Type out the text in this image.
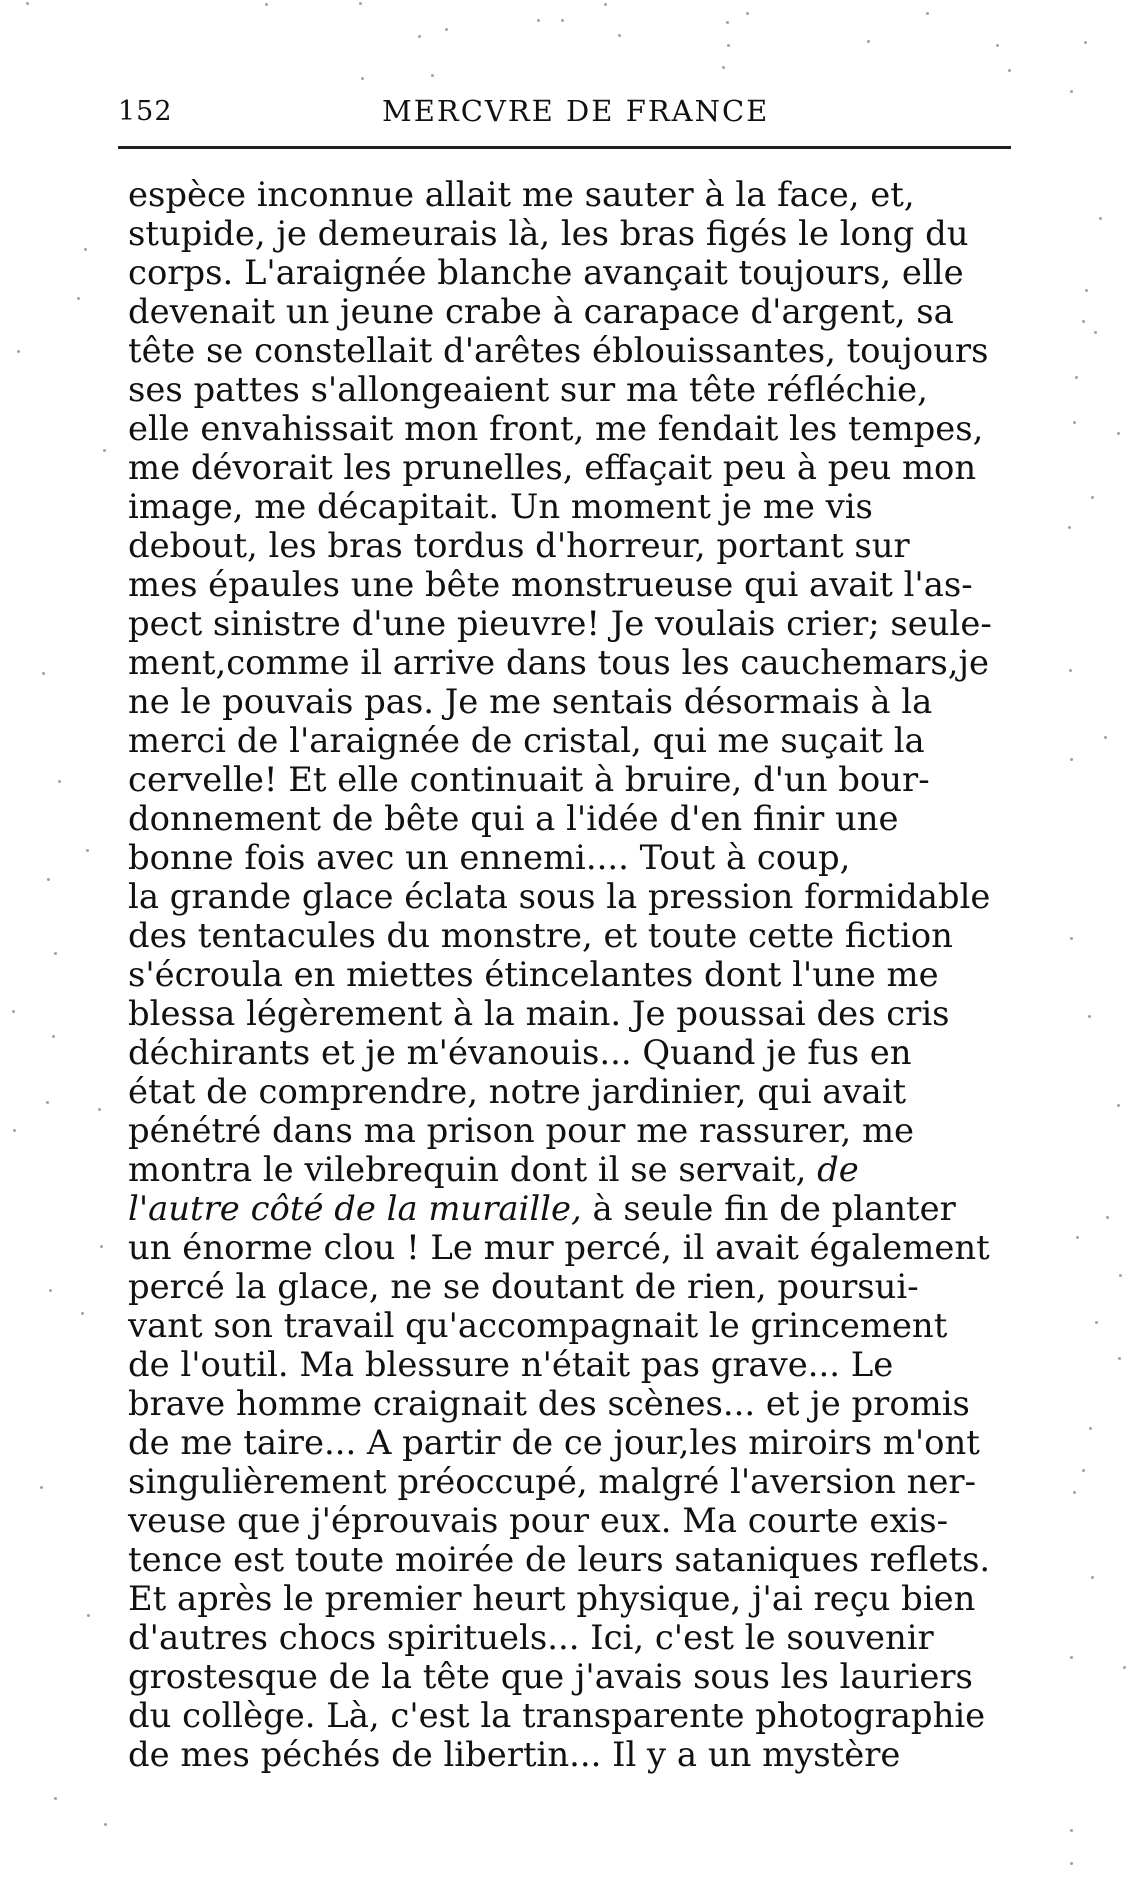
152	MERCVRE DE FRANCE
espèce inconnue allait me sauter à la face, et,
stupide, je demeurais là, les bras figés le long du
corps. L'araignée blanche avançait toujours, elle
devenait un jeune crabe à carapace d'argent, sa
tête se constellait d'arêtes éblouissantes, toujours
ses pattes s'allongeaient sur ma tête réfléchie,
elle envahissait mon front, me fendait les tempes,
me dévorait les prunelles, effaçait peu à peu mon
image, me décapitait. Un moment je me vis
debout, les bras tordus d'horreur, portant sur
mes épaules une bête monstrueuse qui avait l'as-
pect sinistre d'une pieuvre! Je voulais crier; seule-
ment,comme il arrive dans tous les cauchemars,je
ne le pouvais pas. Je me sentais désormais à la
merci de l'araignée de cristal, qui me suçait la
cervelle! Et elle continuait à bruire, d'un bour-
donnement de bête qui a l'idée d'en finir une
bonne fois avec un ennemi.... Tout à coup,
la grande glace éclata sous la pression formidable
des tentacules du monstre, et toute cette fiction
s'écroula en miettes étincelantes dont l'une me
blessa légèrement à la main. Je poussai des cris
déchirants et je m'évanouis... Quand je fus en
état de comprendre, notre jardinier, qui avait
pénétré dans ma prison pour me rassurer, me
montra le vilebrequin dont il se servait, de
l'autre côté de la muraille, à seule fin de planter
un énorme clou ! Le mur percé, il avait également
percé la glace, ne se doutant de rien, poursui-
vant son travail qu'accompagnait le grincement
de l'outil. Ma blessure n'était pas grave... Le
brave homme craignait des scènes... et je promis
de me taire... A partir de ce jour,les miroirs m'ont
singulièrement préoccupé, malgré l'aversion ner-
veuse que j'éprouvais pour eux. Ma courte exis-
tence est toute moirée de leurs sataniques reflets.
Et après le premier heurt physique, j'ai reçu bien
d'autres chocs spirituels... Ici, c'est le souvenir
grostesque de la tête que j'avais sous les lauriers
du collège. Là, c'est la transparente photographie
de mes péchés de libertin... Il y a un mystère
